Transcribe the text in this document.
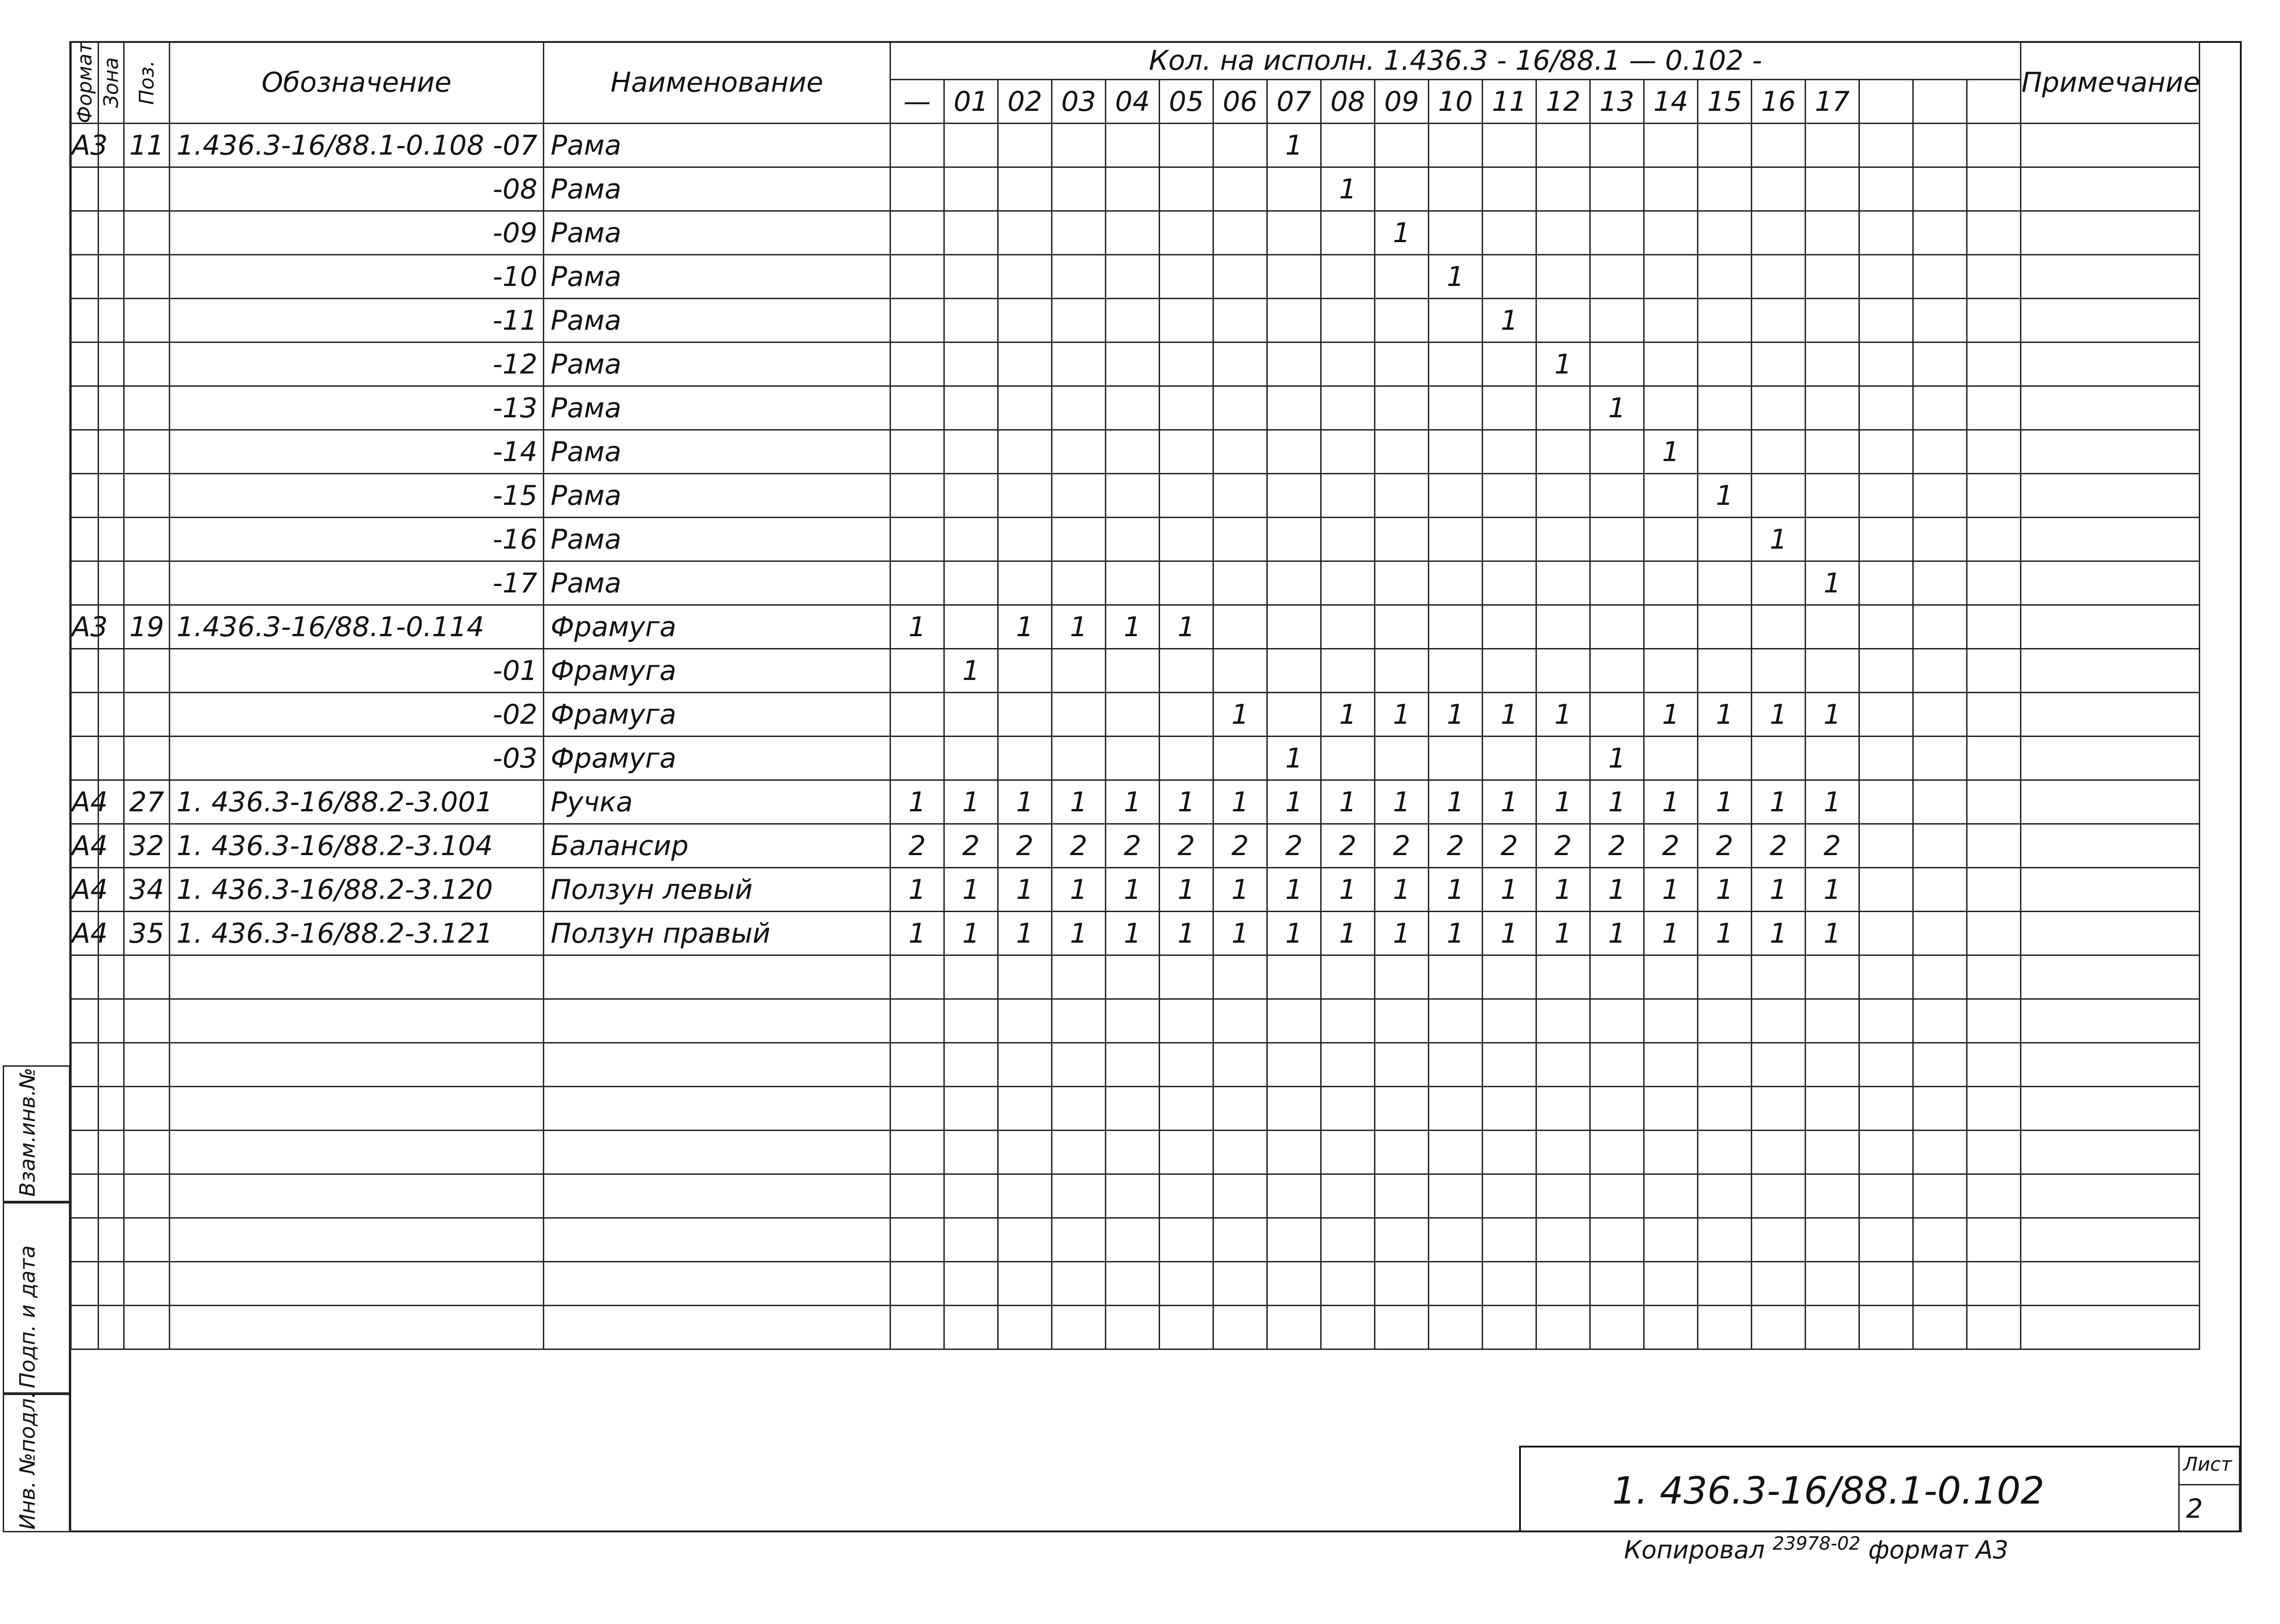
Формат	Зона	Поз.	Обозначение	Наименование	Кол. на исполн. 1.436.3 - 16/88.1 — 0.102 -																					Примечание
					—	01	02	03	04	05	06	07	08	09	10	11	12	13	14	15	16	17				
А3		11	1.436.3-16/88.1-0.108 -07	Рама								1														
			-08	Рама									1													
			-09	Рама										1												
			-10	Рама											1											
			-11	Рама												1										
			-12	Рама													1									
			-13	Рама														1								
			-14	Рама															1							
			-15	Рама																1						
			-16	Рама																	1					
			-17	Рама																		1				
А3		19	1.436.3-16/88.1-0.114	Фрамуга	1		1	1	1	1																
			-01	Фрамуга		1																				
			-02	Фрамуга							1		1	1	1	1	1		1	1	1	1				
			-03	Фрамуга								1						1								
А4		27	1. 436.3-16/88.2-3.001	Ручка	1	1	1	1	1	1	1	1	1	1	1	1	1	1	1	1	1	1				
А4		32	1. 436.3-16/88.2-3.104	Балансир	2	2	2	2	2	2	2	2	2	2	2	2	2	2	2	2	2	2				
А4		34	1. 436.3-16/88.2-3.120	Ползун левый	1	1	1	1	1	1	1	1	1	1	1	1	1	1	1	1	1	1				
А4		35	1. 436.3-16/88.2-3.121	Ползун правый	1	1	1	1	1	1	1	1	1	1	1	1	1	1	1	1	1	1				

Взам.инв.№
Подп. и дата
Инв. №подл.	1. 436.3-16/88.1-0.102
Лист
2
Копировал $^{23978-02}$ формат А3
